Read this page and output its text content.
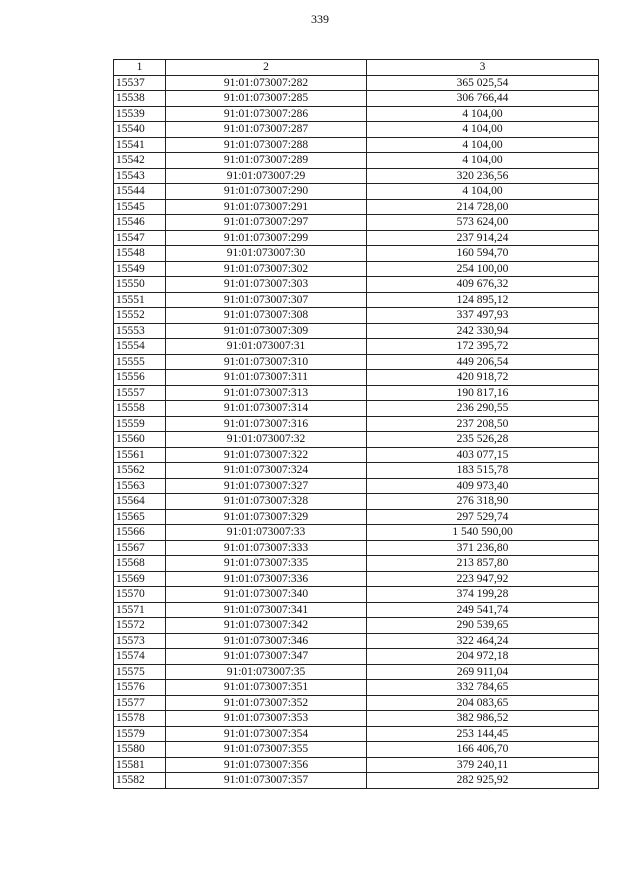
339
1	2	3
15537	91:01:073007:282	365 025,54
15538	91:01:073007:285	306 766,44
15539	91:01:073007:286	4 104,00
15540	91:01:073007:287	4 104,00
15541	91:01:073007:288	4 104,00
15542	91:01:073007:289	4 104,00
15543	91:01:073007:29	320 236,56
15544	91:01:073007:290	4 104,00
15545	91:01:073007:291	214 728,00
15546	91:01:073007:297	573 624,00
15547	91:01:073007:299	237 914,24
15548	91:01:073007:30	160 594,70
15549	91:01:073007:302	254 100,00
15550	91:01:073007:303	409 676,32
15551	91:01:073007:307	124 895,12
15552	91:01:073007:308	337 497,93
15553	91:01:073007:309	242 330,94
15554	91:01:073007:31	172 395,72
15555	91:01:073007:310	449 206,54
15556	91:01:073007:311	420 918,72
15557	91:01:073007:313	190 817,16
15558	91:01:073007:314	236 290,55
15559	91:01:073007:316	237 208,50
15560	91:01:073007:32	235 526,28
15561	91:01:073007:322	403 077,15
15562	91:01:073007:324	183 515,78
15563	91:01:073007:327	409 973,40
15564	91:01:073007:328	276 318,90
15565	91:01:073007:329	297 529,74
15566	91:01:073007:33	1 540 590,00
15567	91:01:073007:333	371 236,80
15568	91:01:073007:335	213 857,80
15569	91:01:073007:336	223 947,92
15570	91:01:073007:340	374 199,28
15571	91:01:073007:341	249 541,74
15572	91:01:073007:342	290 539,65
15573	91:01:073007:346	322 464,24
15574	91:01:073007:347	204 972,18
15575	91:01:073007:35	269 911,04
15576	91:01:073007:351	332 784,65
15577	91:01:073007:352	204 083,65
15578	91:01:073007:353	382 986,52
15579	91:01:073007:354	253 144,45
15580	91:01:073007:355	166 406,70
15581	91:01:073007:356	379 240,11
15582	91:01:073007:357	282 925,92
